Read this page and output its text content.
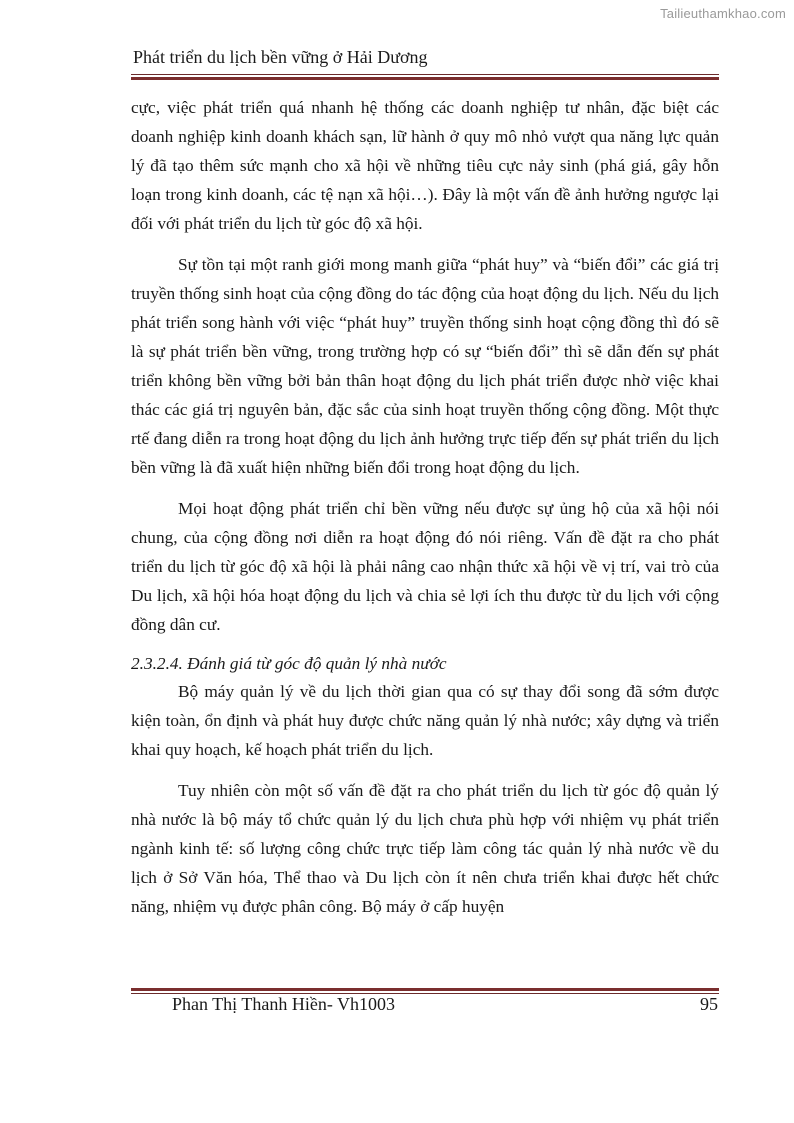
Tailieuthamkhao.com
Phát triển du lịch bền vững ở Hải Dương

cực, việc phát triển quá nhanh hệ thống các doanh nghiệp tư nhân, đặc biệt các doanh nghiệp kinh doanh khách sạn, lữ hành ở quy mô nhỏ vượt qua năng lực quản lý đã tạo thêm sức mạnh cho xã hội về những tiêu cực nảy sinh (phá giá, gây hỗn loạn trong kinh doanh, các tệ nạn xã hội…). Đây là một vấn đề ảnh hưởng ngược lại đối với phát triển du lịch từ góc độ xã hội.

Sự tồn tại một ranh giới mong manh giữa “phát huy” và “biến đổi” các giá trị truyền thống sinh hoạt của cộng đồng do tác động của hoạt động du lịch. Nếu du lịch phát triển song hành với việc “phát huy” truyền thống sinh hoạt cộng đồng thì đó sẽ là sự phát triển bền vững, trong trường hợp có sự “biến đổi” thì sẽ dẫn đến sự phát triển không bền vững bởi bản thân hoạt động du lịch phát triển được nhờ việc khai thác các giá trị nguyên bản, đặc sắc của sinh hoạt truyền thống cộng đồng. Một thực rtế đang diễn ra trong hoạt động du lịch ảnh hưởng trực tiếp đến sự phát triển du lịch bền vững là đã xuất hiện những biến đổi trong hoạt động du lịch.

Mọi hoạt động phát triển chỉ bền vững nếu được sự ủng hộ của xã hội nói chung, của cộng đồng nơi diễn ra hoạt động đó nói riêng. Vấn đề đặt ra cho phát triển du lịch từ góc độ xã hội là phải nâng cao nhận thức xã hội về vị trí, vai trò của Du lịch, xã hội hóa hoạt động du lịch và chia sẻ lợi ích thu được từ du lịch với cộng đồng dân cư.

2.3.2.4. Đánh giá từ góc độ quản lý nhà nước

Bộ máy quản lý về du lịch thời gian qua có sự thay đổi song đã sớm được kiện toàn, ổn định và phát huy được chức năng quản lý nhà nước; xây dựng và triển khai quy hoạch, kế hoạch phát triển du lịch.

Tuy nhiên còn một số vấn đề đặt ra cho phát triển du lịch từ góc độ quản lý nhà nước là bộ máy tổ chức quản lý du lịch chưa phù hợp với nhiệm vụ phát triển ngành kinh tế: số lượng công chức trực tiếp làm công tác quản lý nhà nước về du lịch ở Sở Văn hóa, Thể thao và Du lịch còn ít nên chưa triển khai được hết chức năng, nhiệm vụ được phân công. Bộ máy ở cấp huyện

Phan Thị Thanh Hiền- Vh1003	95
